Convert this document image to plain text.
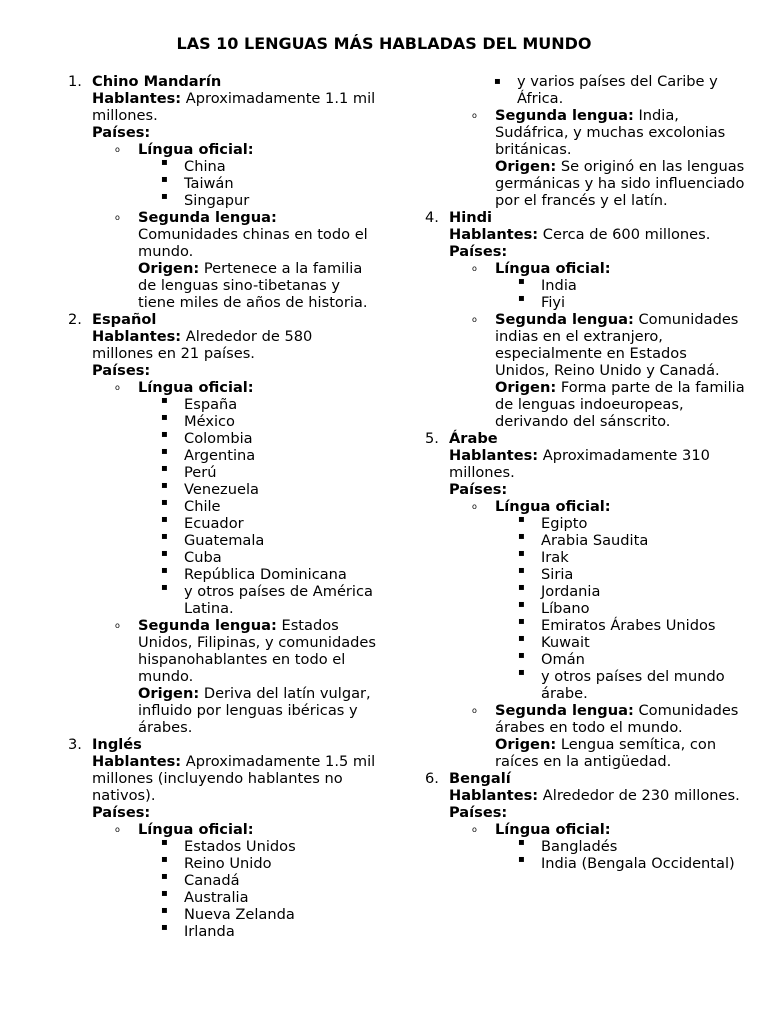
LAS 10 LENGUAS MÁS HABLADAS DEL MUNDO
1. Chino Mandarín
Hablantes: Aproximadamente 1.1 mil millones.
Países:
o Língua oficial:
▪ China
▪ Taiwán
▪ Singapur
o Segunda lengua: Comunidades chinas en todo el mundo.
Origen: Pertenece a la familia de lenguas sino-tibetanas y tiene miles de años de historia.
2. Español
Hablantes: Alrededor de 580 millones en 21 países.
Países:
o Língua oficial:
▪ España
▪ México
▪ Colombia
▪ Argentina
▪ Perú
▪ Venezuela
▪ Chile
▪ Ecuador
▪ Guatemala
▪ Cuba
▪ República Dominicana
▪ y otros países de América Latina.
o Segunda lengua: Estados Unidos, Filipinas, y comunidades hispanohablantes en todo el mundo.
Origen: Deriva del latín vulgar, influido por lenguas ibéricas y árabes.
3. Inglés
Hablantes: Aproximadamente 1.5 mil millones (incluyendo hablantes no nativos).
Países:
o Língua oficial:
▪ Estados Unidos
▪ Reino Unido
▪ Canadá
▪ Australia
▪ Nueva Zelanda
▪ Irlanda
▪ y varios países del Caribe y África.
o Segunda lengua: India, Sudáfrica, y muchas excolonias británicas.
Origen: Se originó en las lenguas germánicas y ha sido influenciado por el francés y el latín.
4. Hindi
Hablantes: Cerca de 600 millones.
Países:
o Língua oficial:
▪ India
▪ Fiyi
o Segunda lengua: Comunidades indias en el extranjero, especialmente en Estados Unidos, Reino Unido y Canadá.
Origen: Forma parte de la familia de lenguas indoeuropeas, derivando del sánscrito.
5. Árabe
Hablantes: Aproximadamente 310 millones.
Países:
o Língua oficial:
▪ Egipto
▪ Arabia Saudita
▪ Irak
▪ Siria
▪ Jordania
▪ Líbano
▪ Emiratos Árabes Unidos
▪ Kuwait
▪ Omán
▪ y otros países del mundo árabe.
o Segunda lengua: Comunidades árabes en todo el mundo.
Origen: Lengua semítica, con raíces en la antigüedad.
6. Bengalí
Hablantes: Alrededor de 230 millones.
Países:
o Língua oficial:
▪ Bangladés
▪ India (Bengala Occidental)
